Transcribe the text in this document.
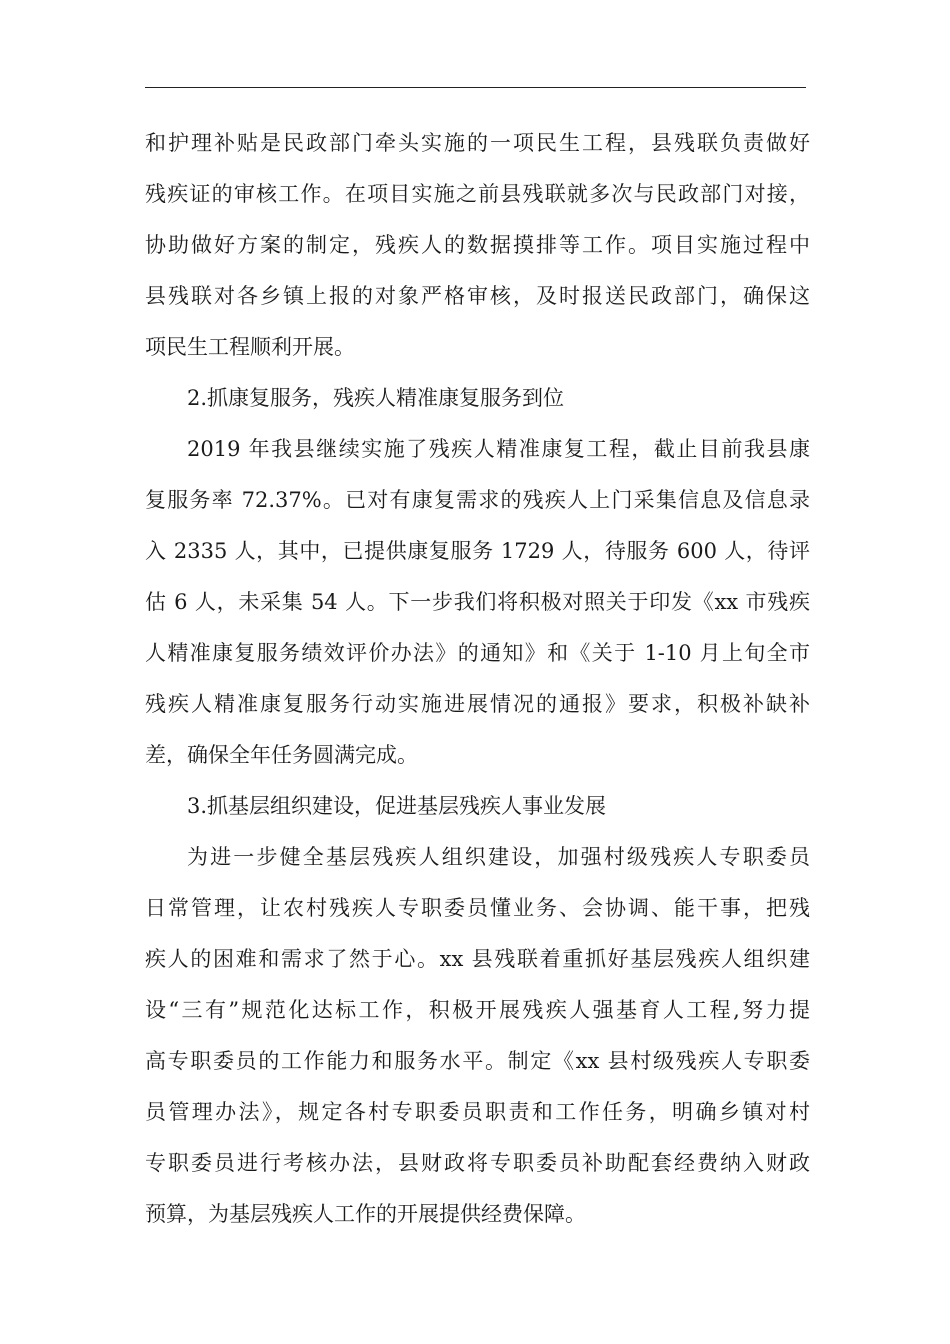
和护理补贴是民政部门牵头实施的一项民生工程，县残联负责做好
残疾证的审核工作。在项目实施之前县残联就多次与民政部门对接，
协助做好方案的制定，残疾人的数据摸排等工作。项目实施过程中
县残联对各乡镇上报的对象严格审核，及时报送民政部门，确保这
项民生工程顺利开展。
2.抓康复服务，残疾人精准康复服务到位
2019 年我县继续实施了残疾人精准康复工程，截止目前我县康
复服务率 72.37%。已对有康复需求的残疾人上门采集信息及信息录
入 2335 人，其中，已提供康复服务 1729 人，待服务 600 人，待评
估 6 人，未采集 54 人。下一步我们将积极对照关于印发《xx 市残疾
人精准康复服务绩效评价办法》的通知》和《关于 1-10 月上旬全市
残疾人精准康复服务行动实施进展情况的通报》要求，积极补缺补
差，确保全年任务圆满完成。
3.抓基层组织建设，促进基层残疾人事业发展
为进一步健全基层残疾人组织建设，加强村级残疾人专职委员
日常管理，让农村残疾人专职委员懂业务、会协调、能干事，把残
疾人的困难和需求了然于心。xx 县残联着重抓好基层残疾人组织建
设“三有”规范化达标工作，积极开展残疾人强基育人工程,努力提
高专职委员的工作能力和服务水平。制定《xx 县村级残疾人专职委
员管理办法》，规定各村专职委员职责和工作任务，明确乡镇对村
专职委员进行考核办法，县财政将专职委员补助配套经费纳入财政
预算，为基层残疾人工作的开展提供经费保障。
